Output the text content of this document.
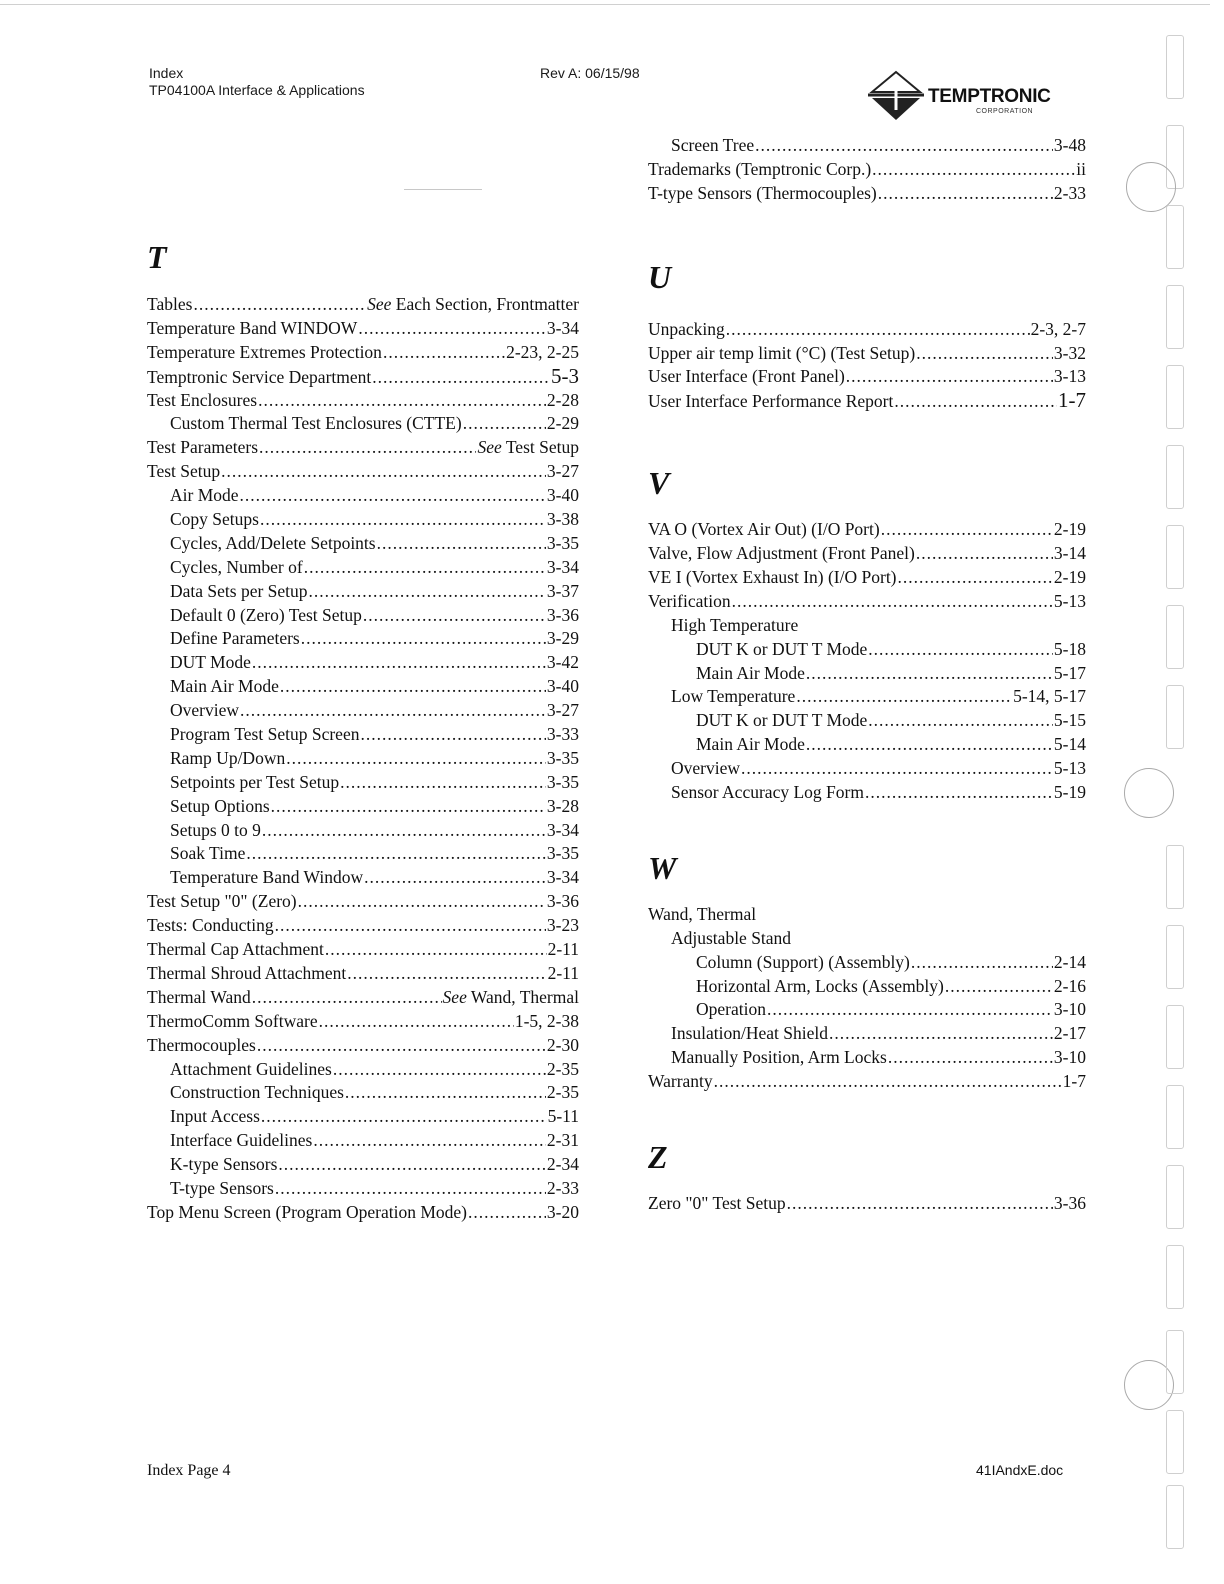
Index
TP04100A Interface & Applications
Rev A: 06/15/98
TEMPTRONIC
CORPORATION
T
Tables .....	See Each Section, Frontmatter
Temperature Band WINDOW .....	3-34
Temperature Extremes Protection .....	2-23, 2-25
Temptronic Service Department .....	5-3
Test Enclosures .....	2-28
Custom Thermal Test Enclosures (CTTE) .....	2-29
Test Parameters .....	See Test Setup
Test Setup .....	3-27
Air Mode .....	3-40
Copy Setups .....	3-38
Cycles, Add/Delete Setpoints .....	3-35
Cycles, Number of .....	3-34
Data Sets per Setup .....	3-37
Default 0 (Zero) Test Setup .....	3-36
Define Parameters .....	3-29
DUT Mode .....	3-42
Main Air Mode .....	3-40
Overview .....	3-27
Program Test Setup Screen .....	3-33
Ramp Up/Down .....	3-35
Setpoints per Test Setup .....	3-35
Setup Options .....	3-28
Setups 0 to 9 .....	3-34
Soak Time .....	3-35
Temperature Band Window .....	3-34
Test Setup "0" (Zero) .....	3-36
Tests: Conducting .....	3-23
Thermal Cap Attachment .....	2-11
Thermal Shroud Attachment .....	2-11
Thermal Wand .....	See Wand, Thermal
ThermoComm Software .....	1-5, 2-38
Thermocouples .....	2-30
Attachment Guidelines .....	2-35
Construction Techniques .....	2-35
Input Access .....	5-11
Interface Guidelines .....	2-31
K-type Sensors .....	2-34
T-type Sensors .....	2-33
Top Menu Screen (Program Operation Mode) .....	3-20
Screen Tree .....	3-48
Trademarks (Temptronic Corp.) .....	ii
T-type Sensors (Thermocouples) .....	2-33
U
Unpacking .....	2-3, 2-7
Upper air temp limit (°C) (Test Setup) .....	3-32
User Interface (Front Panel) .....	3-13
User Interface Performance Report .....	1-7
V
VA O (Vortex Air Out) (I/O Port) .....	2-19
Valve, Flow Adjustment (Front Panel) .....	3-14
VE I (Vortex Exhaust In) (I/O Port) .....	2-19
Verification .....	5-13
High Temperature
DUT K or DUT T Mode .....	5-18
Main Air Mode .....	5-17
Low Temperature .....	5-14, 5-17
DUT K or DUT T Mode .....	5-15
Main Air Mode .....	5-14
Overview .....	5-13
Sensor Accuracy Log Form .....	5-19
W
Wand, Thermal
Adjustable Stand
Column (Support) (Assembly) .....	2-14
Horizontal Arm, Locks (Assembly) .....	2-16
Operation .....	3-10
Insulation/Heat Shield .....	2-17
Manually Position, Arm Locks .....	3-10
Warranty .....	1-7
Z
Zero "0" Test Setup .....	3-36
Index Page 4	41IAndxE.doc
